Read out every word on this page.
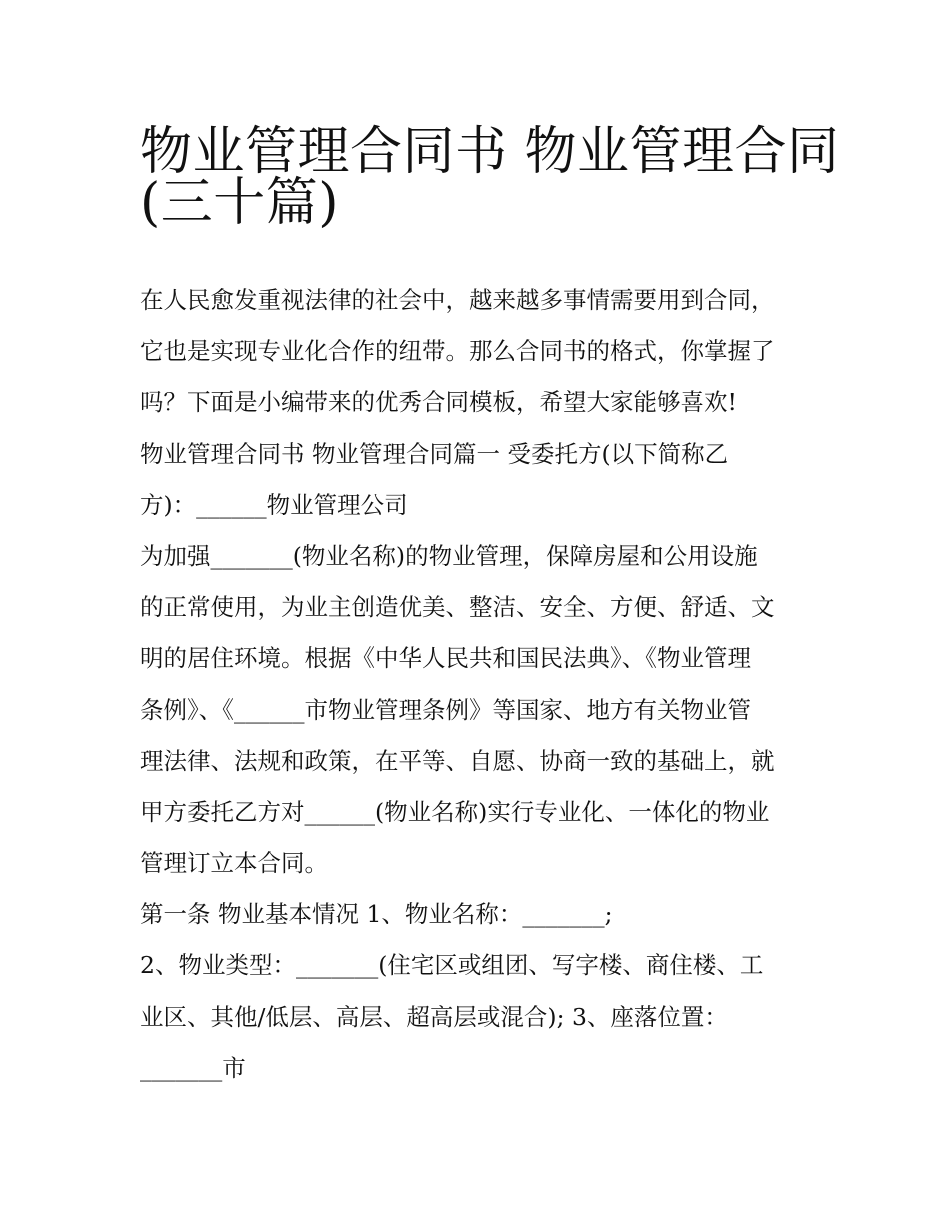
物业管理合同书 物业管理合同
(三十篇)
在人民愈发重视法律的社会中，越来越多事情需要用到合同，
它也是实现专业化合作的纽带。那么合同书的格式，你掌握了
吗？下面是小编带来的优秀合同模板，希望大家能够喜欢!
物业管理合同书 物业管理合同篇一 受委托方(以下简称乙
方)：______物业管理公司
为加强_______(物业名称)的物业管理，保障房屋和公用设施
的正常使用，为业主创造优美、整洁、安全、方便、舒适、文
明的居住环境。根据《中华人民共和国民法典》、《物业管理
条例》、《______市物业管理条例》等国家、地方有关物业管
理法律、法规和政策，在平等、自愿、协商一致的基础上，就
甲方委托乙方对______(物业名称)实行专业化、一体化的物业
管理订立本合同。
第一条 物业基本情况 1、物业名称：_______;
2、物业类型：_______(住宅区或组团、写字楼、商住楼、工
业区、其他/低层、高层、超高层或混合); 3、座落位置：
_______市
